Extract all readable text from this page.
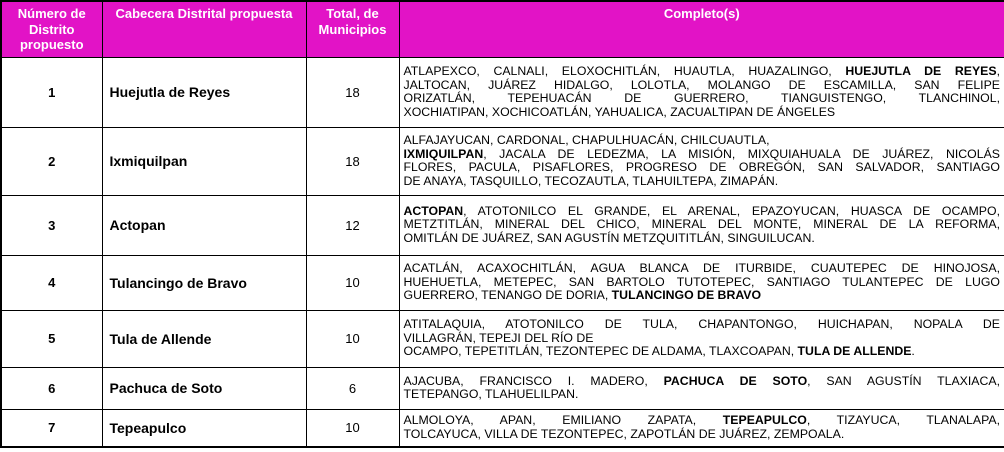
Número de Distrito propuesto	Cabecera Distrital propuesta	Total, de Municipios	Completo(s)
1	Huejutla de Reyes	18	ATLAPEXCO, CALNALI, ELOXOCHITLÁN, HUAUTLA, HUAZALINGO, HUEJUTLA DE REYES,
JALTOCAN, JUÁREZ HIDALGO, LOLOTLA, MOLANGO DE ESCAMILLA, SAN FELIPE
ORIZATLÁN, TEPEHUACÁN DE GUERRERO, TIANGUISTENGO, TLANCHINOL,
XOCHIATIPAN, XOCHICOATLÁN, YAHUALICA, ZACUALTIPAN DE ÁNGELES

2	Ixmiquilpan	18	ALFAJAYUCAN, CARDONAL, CHAPULHUACÁN, CHILCUAUTLA,
IXMIQUILPAN, JACALA DE LEDEZMA, LA MISIÓN, MIXQUIAHUALA DE JUÁREZ, NICOLÁS
FLORES, PACULA, PISAFLORES, PROGRESO DE OBREGÓN, SAN SALVADOR, SANTIAGO
DE ANAYA, TASQUILLO, TECOZAUTLA, TLAHUILTEPA, ZIMAPÁN.

3	Actopan	12	ACTOPAN, ATOTONILCO EL GRANDE, EL ARENAL, EPAZOYUCAN, HUASCA DE OCAMPO,
METZTITLÁN, MINERAL DEL CHICO, MINERAL DEL MONTE, MINERAL DE LA REFORMA,
OMITLÁN DE JUÁREZ, SAN AGUSTÍN METZQUITITLÁN, SINGUILUCAN.

4	Tulancingo de Bravo	10	ACATLÁN, ACAXOCHITLÁN, AGUA BLANCA DE ITURBIDE, CUAUTEPEC DE HINOJOSA,
HUEHUETLA, METEPEC, SAN BARTOLO TUTOTEPEC, SANTIAGO TULANTEPEC DE LUGO
GUERRERO, TENANGO DE DORIA, TULANCINGO DE BRAVO

5	Tula de Allende	10	ATITALAQUIA, ATOTONILCO DE TULA, CHAPANTONGO, HUICHAPAN, NOPALA DE
VILLAGRÁN, TEPEJI DEL RÍO DE
OCAMPO, TEPETITLÁN, TEZONTEPEC DE ALDAMA, TLAXCOAPAN, TULA DE ALLENDE.

6	Pachuca de Soto	6	AJACUBA, FRANCISCO I. MADERO, PACHUCA DE SOTO, SAN AGUSTÍN TLAXIACA,
TETEPANGO, TLAHUELILPAN.

7	Tepeapulco	10	ALMOLOYA, APAN, EMILIANO ZAPATA, TEPEAPULCO, TIZAYUCA, TLANALAPA,
TOLCAYUCA, VILLA DE TEZONTEPEC, ZAPOTLÁN DE JUÁREZ, ZEMPOALA.
